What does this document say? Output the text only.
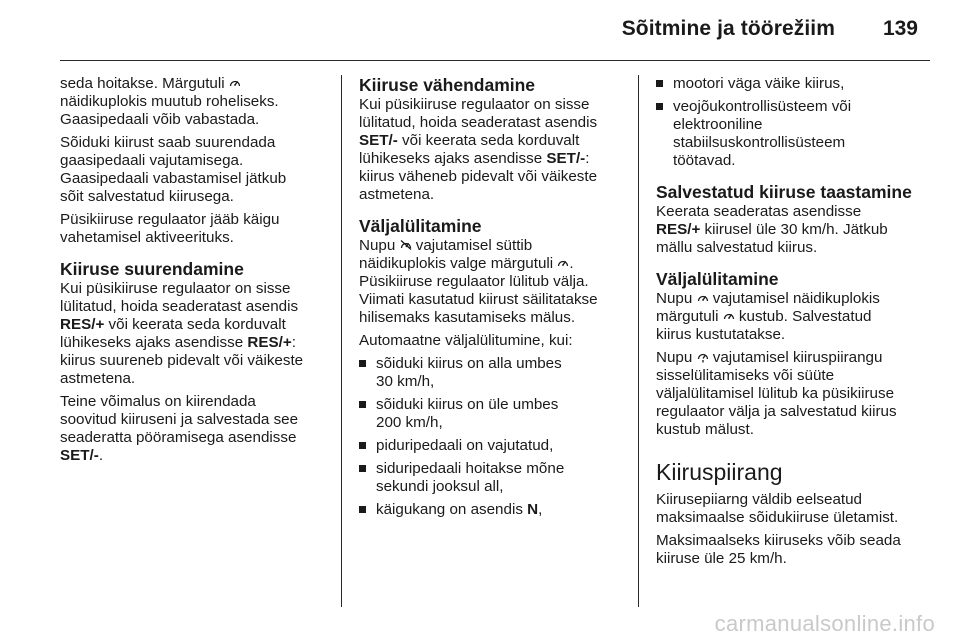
Sõitmine ja töörežiim 139

seda hoitakse. Märgutuli
näidikuplokis muutub roheliseks.
Gaasipedaali võib vabastada.

Sõiduki kiirust saab suurendada
gaasipedaali vajutamisega.
Gaasipedaali vabastamisel jätkub
sõit salvestatud kiirusega.

Püsikiiruse regulaator jääb käigu
vahetamisel aktiveerituks.

Kiiruse suurendamine

Kui püsikiiruse regulaator on sisse
lülitatud, hoida seaderatast asendis
RES/+ või keerata seda korduvalt
lühikeseks ajaks asendisse RES/+:
kiirus suureneb pidevalt või väikeste
astmetena.

Teine võimalus on kiirendada
soovitud kiiruseni ja salvestada see
seaderatta pööramisega asendisse
SET/-.

Kiiruse vähendamine

Kui püsikiiruse regulaator on sisse
lülitatud, hoida seaderatast asendis
SET/- või keerata seda korduvalt
lühikeseks ajaks asendisse SET/-:
kiirus väheneb pidevalt või väikeste
astmetena.

Väljalülitamine

Nupu
vajutamisel süttib
näidikuplokis valge märgutuli
.
Püsikiiruse regulaator lülitub välja.
Viimati kasutatud kiirust säilitatakse
hilisemaks kasutamiseks mälus.

Automaatne väljalülitumine, kui:

sõiduki kiirus on alla umbes
30 km/h,
sõiduki kiirus on üle umbes
200 km/h,
piduripedaali on vajutatud,
siduripedaali hoitakse mõne
sekundi jooksul all,
käigukang on asendis N,
mootori väga väike kiirus,
veojõukontrollisüsteem või
elektrooniline
stabiilsuskontrollisüsteem
töötavad.
Salvestatud kiiruse taastamine

Keerata seaderatas asendisse
RES/+ kiirusel üle 30 km/h. Jätkub
mällu salvestatud kiirus.

Väljalülitamine

Nupu
vajutamisel näidikuplokis
märgutuli
kustub. Salvestatud
kiirus kustutatakse.

Nupu
vajutamisel kiiruspiirangu
sisselülitamiseks või süüte
väljalülitamisel lülitub ka püsikiiruse
regulaator välja ja salvestatud kiirus
kustub mälust.

Kiiruspiirang

Kiirusepiiarng väldib eelseatud
maksimaalse sõidukiiruse ületamist.

Maksimaalseks kiiruseks võib seada
kiiruse üle 25 km/h.

carmanualsonline.info
